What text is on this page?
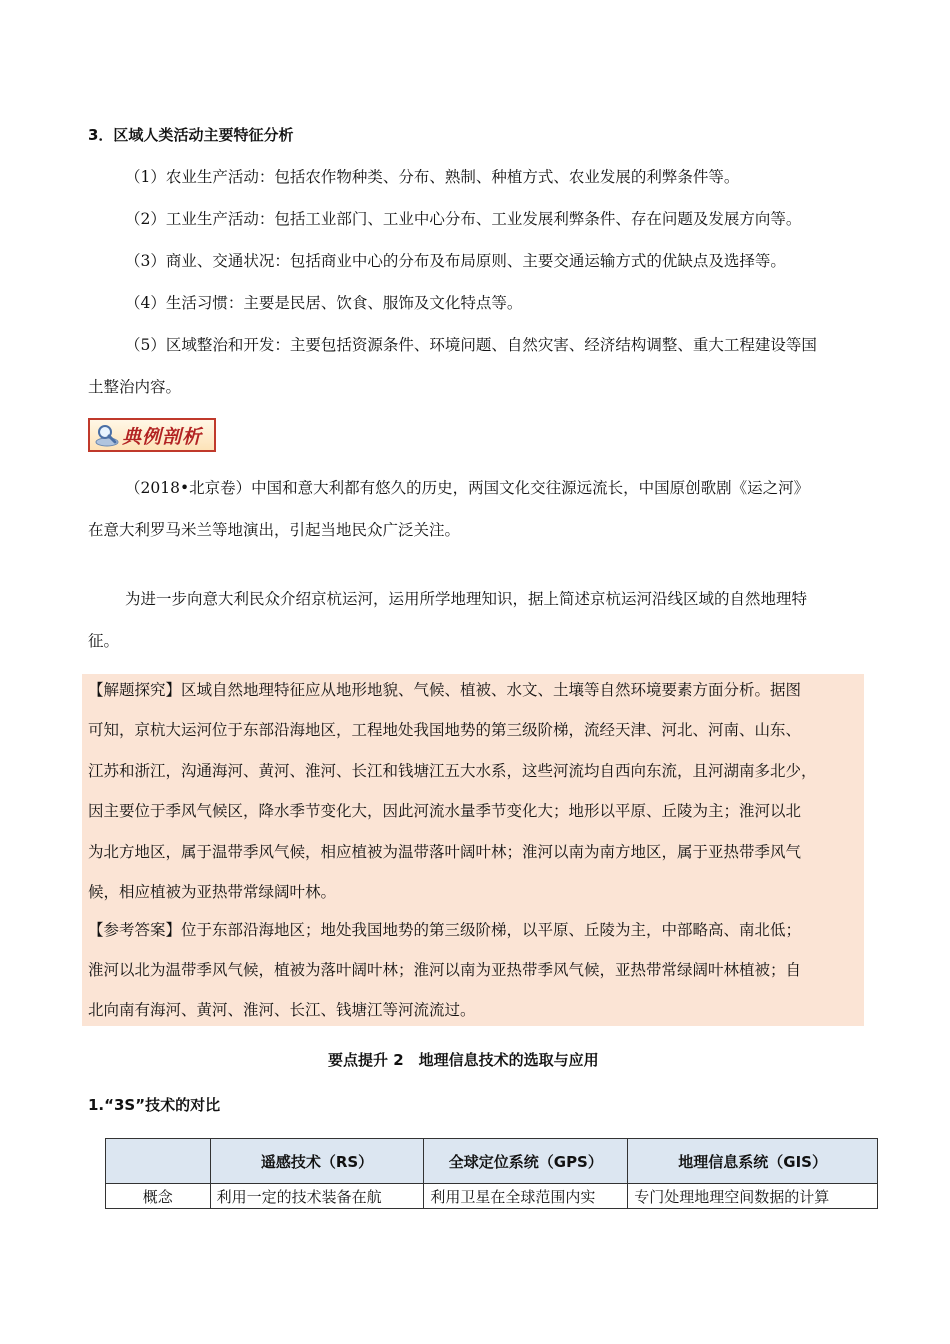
3．区域人类活动主要特征分析
（1）农业生产活动：包括农作物种类、分布、熟制、种植方式、农业发展的利弊条件等。
（2）工业生产活动：包括工业部门、工业中心分布、工业发展利弊条件、存在问题及发展方向等。
（3）商业、交通状况：包括商业中心的分布及布局原则、主要交通运输方式的优缺点及选择等。
（4）生活习惯：主要是民居、饮食、服饰及文化特点等。
（5）区域整治和开发：主要包括资源条件、环境问题、自然灾害、经济结构调整、重大工程建设等国
土整治内容。
典例剖析
（2018•北京卷）中国和意大利都有悠久的历史，两国文化交往源远流长，中国原创歌剧《运之河》
在意大利罗马米兰等地演出，引起当地民众广泛关注。
为进一步向意大利民众介绍京杭运河，运用所学地理知识，据上简述京杭运河沿线区域的自然地理特
征。
【解题探究】区域自然地理特征应从地形地貌、气候、植被、水文、土壤等自然环境要素方面分析。据图
可知，京杭大运河位于东部沿海地区，工程地处我国地势的第三级阶梯，流经天津、河北、河南、山东、
江苏和浙江，沟通海河、黄河、淮河、长江和钱塘江五大水系，这些河流均自西向东流，且河湖南多北少，
因主要位于季风气候区，降水季节变化大，因此河流水量季节变化大；地形以平原、丘陵为主；淮河以北
为北方地区，属于温带季风气候，相应植被为温带落叶阔叶林；淮河以南为南方地区，属于亚热带季风气
候，相应植被为亚热带常绿阔叶林。
【参考答案】位于东部沿海地区；地处我国地势的第三级阶梯，以平原、丘陵为主，中部略高、南北低；
淮河以北为温带季风气候，植被为落叶阔叶林；淮河以南为亚热带季风气候，亚热带常绿阔叶林植被；自
北向南有海河、黄河、淮河、长江、钱塘江等河流流过。
要点提升 2　地理信息技术的选取与应用
1.“3S”技术的对比
	遥感技术（RS）	全球定位系统（GPS）	地理信息系统（GIS）
概念	利用一定的技术装备在航	利用卫星在全球范围内实	专门处理地理空间数据的计算
